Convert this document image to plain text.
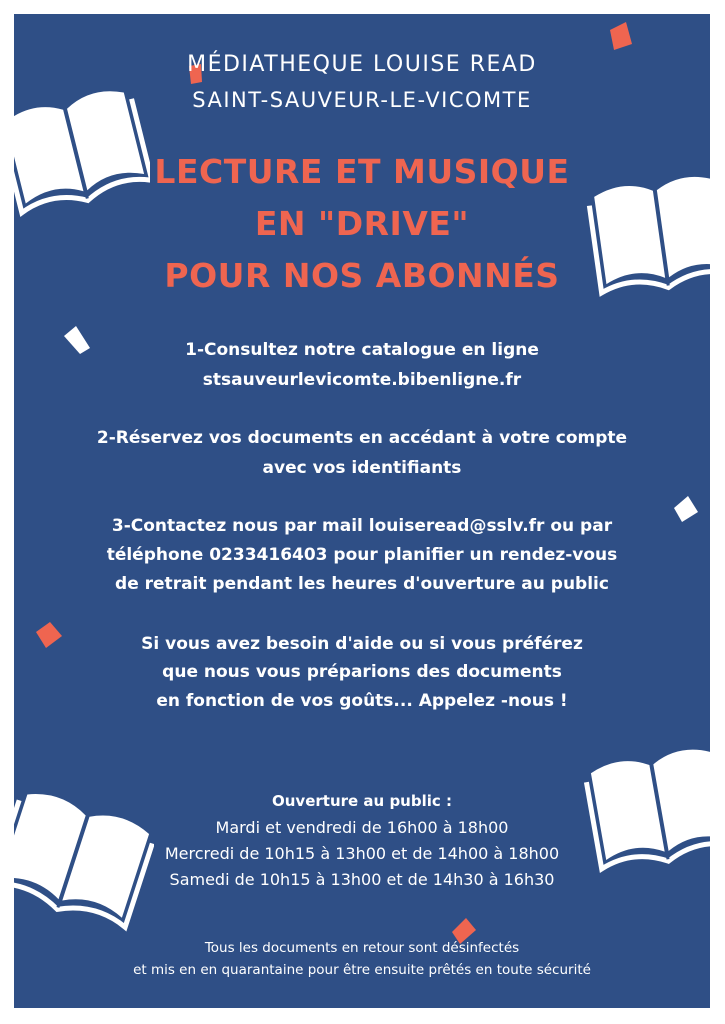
MÉDIATHEQUE LOUISE READ

SAINT-SAUVEUR-LE-VICOMTE

LECTURE ET MUSIQUE

EN "DRIVE"

POUR NOS ABONNÉS

1-Consultez notre catalogue en ligne

stsauveurlevicomte.bibenligne.fr

2-Réservez vos documents en accédant à votre compte

avec vos identifiants

3-Contactez nous par mail louiseread@sslv.fr ou par

téléphone 0233416403 pour planifier un rendez-vous

de retrait pendant les heures d'ouverture au public

Si vous avez besoin d'aide ou si vous préférez

que nous vous préparions des documents

en fonction de vos goûts... Appelez -nous !

Ouverture au public :

Mardi et vendredi de 16h00 à 18h00

Mercredi de 10h15 à 13h00 et de 14h00 à 18h00

Samedi de 10h15 à 13h00 et de 14h30 à 16h30

Tous les documents en retour sont désinfectés

et mis en en quarantaine pour être ensuite prêtés en toute sécurité
